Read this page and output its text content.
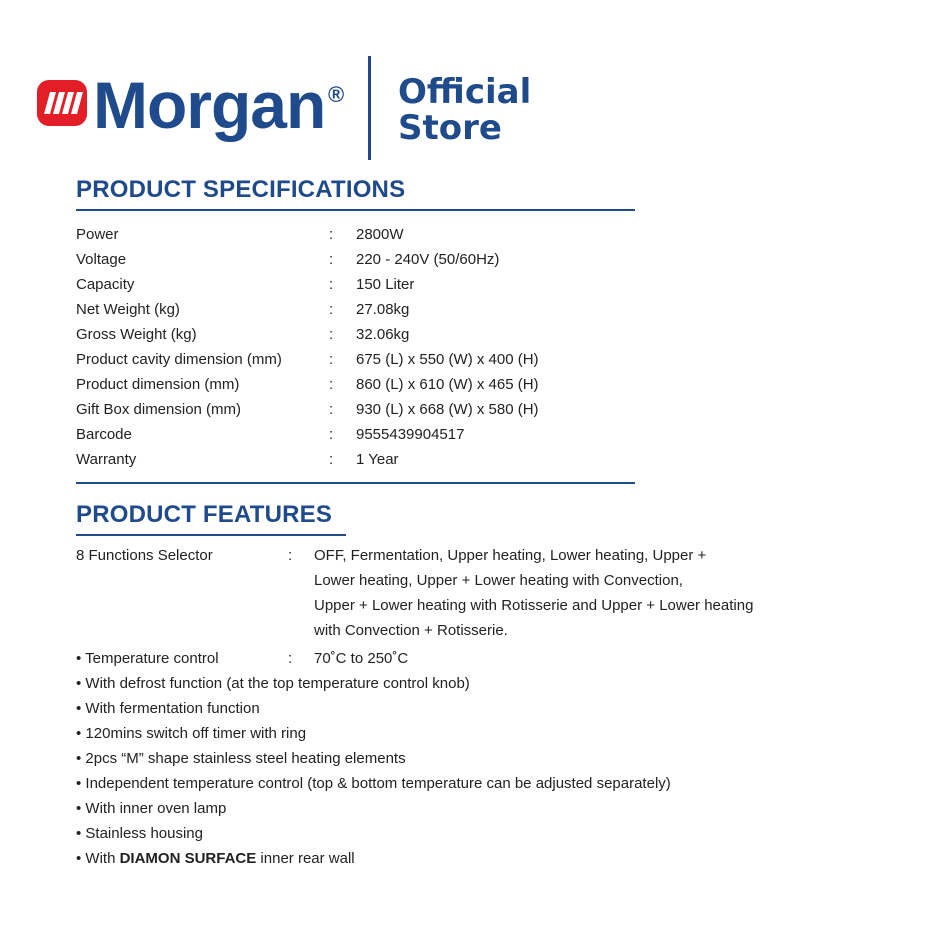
Morgan ® Official
Store
PRODUCT SPECIFICATIONS
Power	: 2800W
Voltage	: 220 - 240V (50/60Hz)
Capacity	: 150 Liter
Net Weight (kg)	: 27.08kg
Gross Weight (kg)	: 32.06kg
Product cavity dimension (mm)	: 675 (L) x 550 (W) x 400 (H)
Product dimension (mm)	: 860 (L) x 610 (W) x 465 (H)
Gift Box dimension (mm)	: 930 (L) x 668 (W) x 580 (H)
Barcode	: 9555439904517
Warranty	: 1 Year
PRODUCT FEATURES
8 Functions Selector	: OFF, Fermentation, Upper heating, Lower heating, Upper +
Lower heating, Upper + Lower heating with Convection,
Upper + Lower heating with Rotisserie and Upper + Lower heating
with Convection + Rotisserie.
• Temperature control	: 70˚C to 250˚C
• With defrost function (at the top temperature control knob)
• With fermentation function
• 120mins switch off timer with ring
• 2pcs “M” shape stainless steel heating elements
• Independent temperature control (top & bottom temperature can be adjusted separately)
• With inner oven lamp
• Stainless housing
• With DIAMON SURFACE inner rear wall
